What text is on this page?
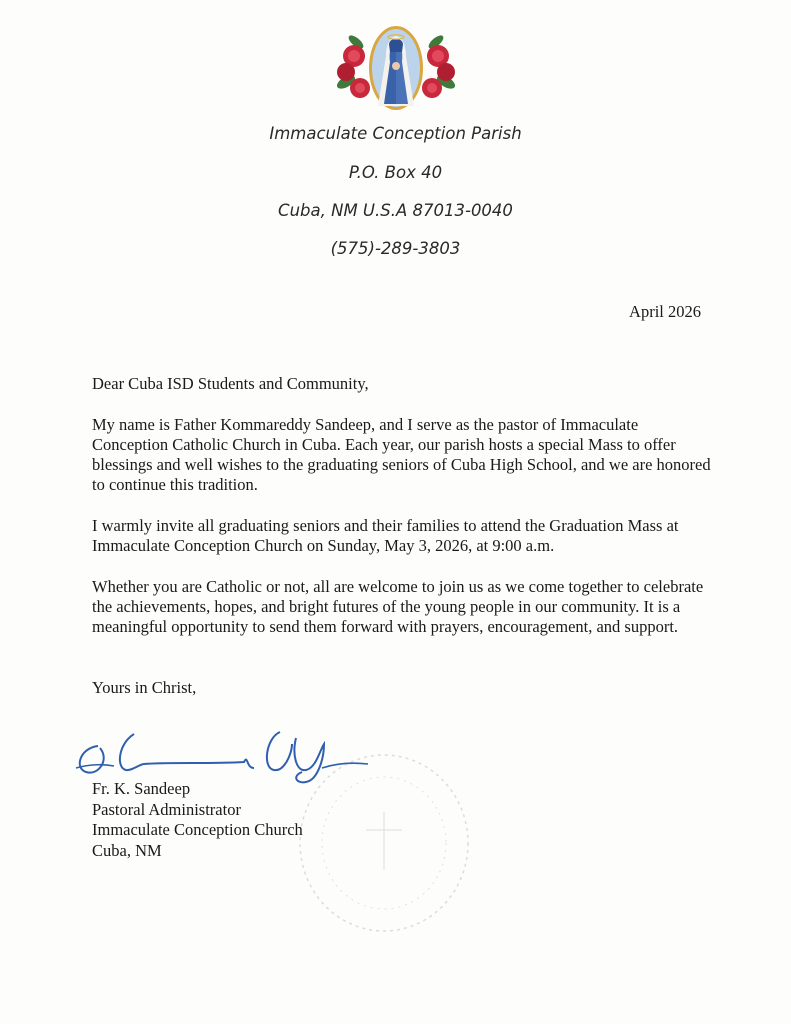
Immaculate Conception Parish
P.O. Box 40
Cuba, NM U.S.A 87013-0040
(575)-289-3803
April 2026
Dear Cuba ISD Students and Community,
My name is Father Kommareddy Sandeep, and I serve as the pastor of Immaculate Conception Catholic Church in Cuba. Each year, our parish hosts a special Mass to offer blessings and well wishes to the graduating seniors of Cuba High School, and we are honored to continue this tradition.
I warmly invite all graduating seniors and their families to attend the Graduation Mass at Immaculate Conception Church on Sunday, May 3, 2026, at 9:00 a.m.
Whether you are Catholic or not, all are welcome to join us as we come together to celebrate the achievements, hopes, and bright futures of the young people in our community. It is a meaningful opportunity to send them forward with prayers, encouragement, and support.
Yours in Christ,
Fr. K. Sandeep
Pastoral Administrator
Immaculate Conception Church
Cuba, NM
